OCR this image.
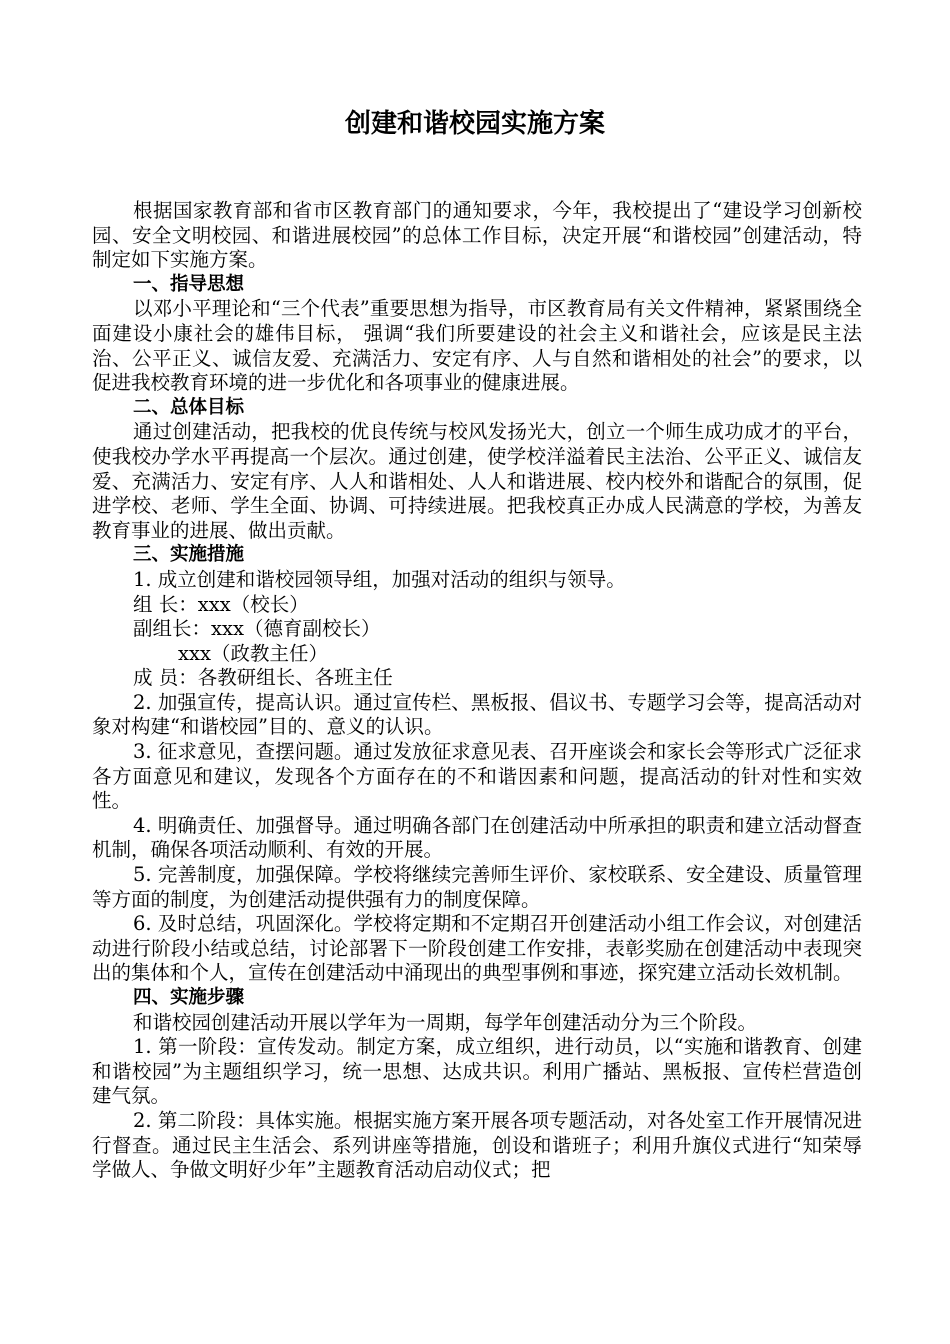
创建和谐校园实施方案

根据国家教育部和省市区教育部门的通知要求，今年，我校提出了“建设学习创新校园、安全文明校园、和谐进展校园”的总体工作目标，决定开展“和谐校园”创建活动，特制定如下实施方案。

一、指导思想

以邓小平理论和“三个代表”重要思想为指导，市区教育局有关文件精神，紧紧围绕全面建设小康社会的雄伟目标， 强调“我们所要建设的社会主义和谐社会，应该是民主法治、公平正义、诚信友爱、充满活力、安定有序、人与自然和谐相处的社会”的要求，以促进我校教育环境的进一步优化和各项事业的健康进展。

二、总体目标

通过创建活动，把我校的优良传统与校风发扬光大，创立一个师生成功成才的平台，使我校办学水平再提高一个层次。通过创建，使学校洋溢着民主法治、公平正义、诚信友爱、充满活力、安定有序、人人和谐相处、人人和谐进展、校内校外和谐配合的氛围，促进学校、老师、学生全面、协调、可持续进展。把我校真正办成人民满意的学校，为善友教育事业的进展、做出贡献。

三、实施措施

1. 成立创建和谐校园领导组，加强对活动的组织与领导。

组 长：xxx（校长）

副组长：xxx（德育副校长）

xxx（政教主任）

成 员：各教研组长、各班主任

2. 加强宣传，提高认识。通过宣传栏、黑板报、倡议书、专题学习会等，提高活动对象对构建“和谐校园”目的、意义的认识。

3. 征求意见，查摆问题。通过发放征求意见表、召开座谈会和家长会等形式广泛征求各方面意见和建议，发现各个方面存在的不和谐因素和问题，提高活动的针对性和实效性。

4. 明确责任、加强督导。通过明确各部门在创建活动中所承担的职责和建立活动督查机制，确保各项活动顺利、有效的开展。

5. 完善制度，加强保障。学校将继续完善师生评价、家校联系、安全建设、质量管理等方面的制度，为创建活动提供强有力的制度保障。

6. 及时总结，巩固深化。学校将定期和不定期召开创建活动小组工作会议，对创建活动进行阶段小结或总结，讨论部署下一阶段创建工作安排，表彰奖励在创建活动中表现突出的集体和个人，宣传在创建活动中涌现出的典型事例和事迹，探究建立活动长效机制。

四、实施步骤

和谐校园创建活动开展以学年为一周期，每学年创建活动分为三个阶段。

1. 第一阶段：宣传发动。制定方案，成立组织，进行动员，以“实施和谐教育、创建和谐校园”为主题组织学习，统一思想、达成共识。利用广播站、黑板报、宣传栏营造创建气氛。

2. 第二阶段：具体实施。根据实施方案开展各项专题活动，对各处室工作开展情况进行督查。通过民主生活会、系列讲座等措施，创设和谐班子；利用升旗仪式进行“知荣辱学做人、争做文明好少年”主题教育活动启动仪式；把
